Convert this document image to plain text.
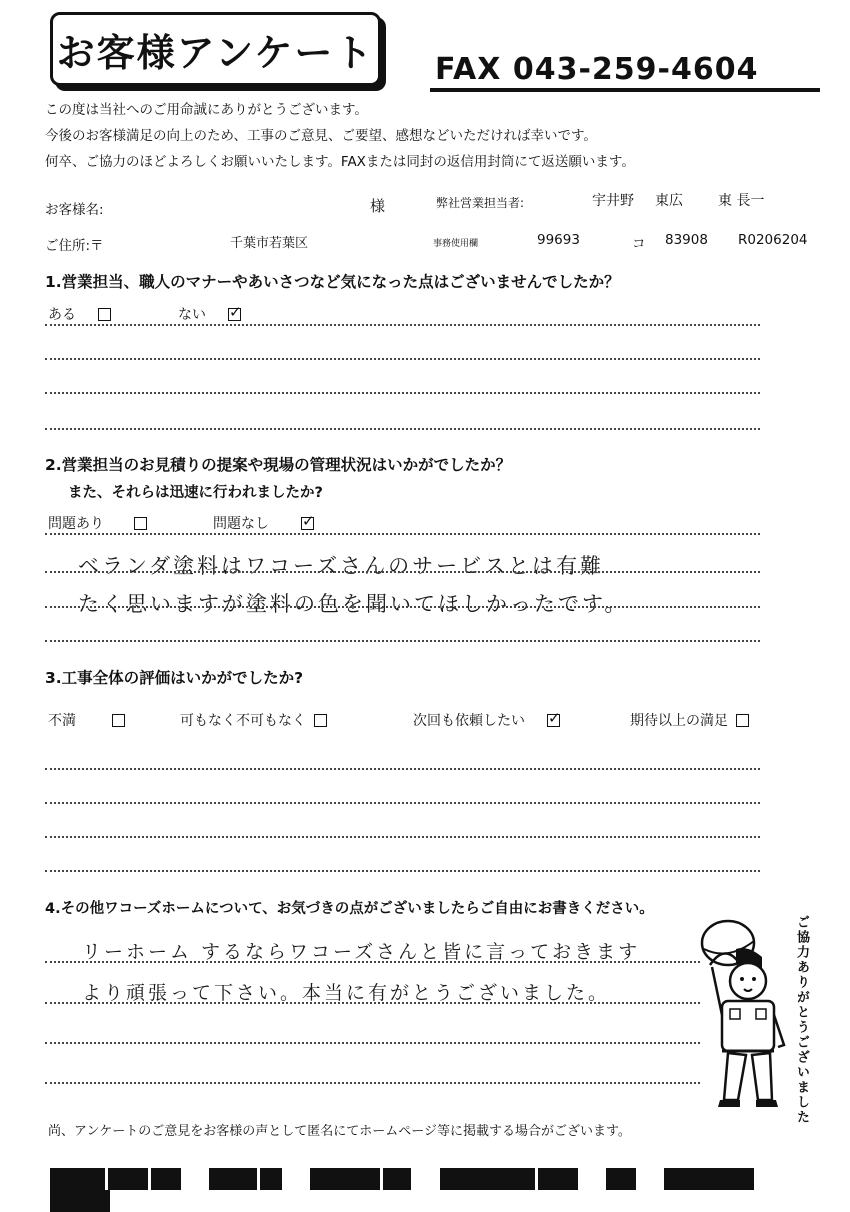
お客様アンケート FAX 043-259-4604
この度は当社へのご用命誠にありがとうございます。
今後のお客様満足の向上のため、工事のご意見、ご要望、感想などいただければ幸いです。
何卒、ご協力のほどよろしくお願いいたします。FAXまたは同封の返信用封筒にて返送願います。
お客様名:	様	弊社営業担当者:	宇井野 東広	東 長一
ご住所:〒	千葉市若葉区	事務使用欄	99693	コ 83908 R0206204
1.営業担当、職人のマナーやあいさつなど気になった点はございませんでしたか？
ある	ない
✓
2.営業担当のお見積りの提案や現場の管理状況はいかがでしたか？
また、それらは迅速に行われましたか?
問題あり	問題なし
✓
ベランダ塗料はワコーズさんのサービスとは有難
たく思いますが塗料の色を聞いてほしかったです。
3.工事全体の評価はいかがでしたか?
不満	可もなく不可もなく	次回も依頼したい
✓	期待以上の満足
4.その他ワコーズホームについて、お気づきの点がございましたらご自由にお書きください。
リーホーム するならワコーズさんと皆に言っておきます
より頑張って下さい。本当に有がとうございました。	ご協力ありがとうございました
尚、アンケートのご意見をお客様の声として匿名にてホームページ等に掲載する場合がございます。
